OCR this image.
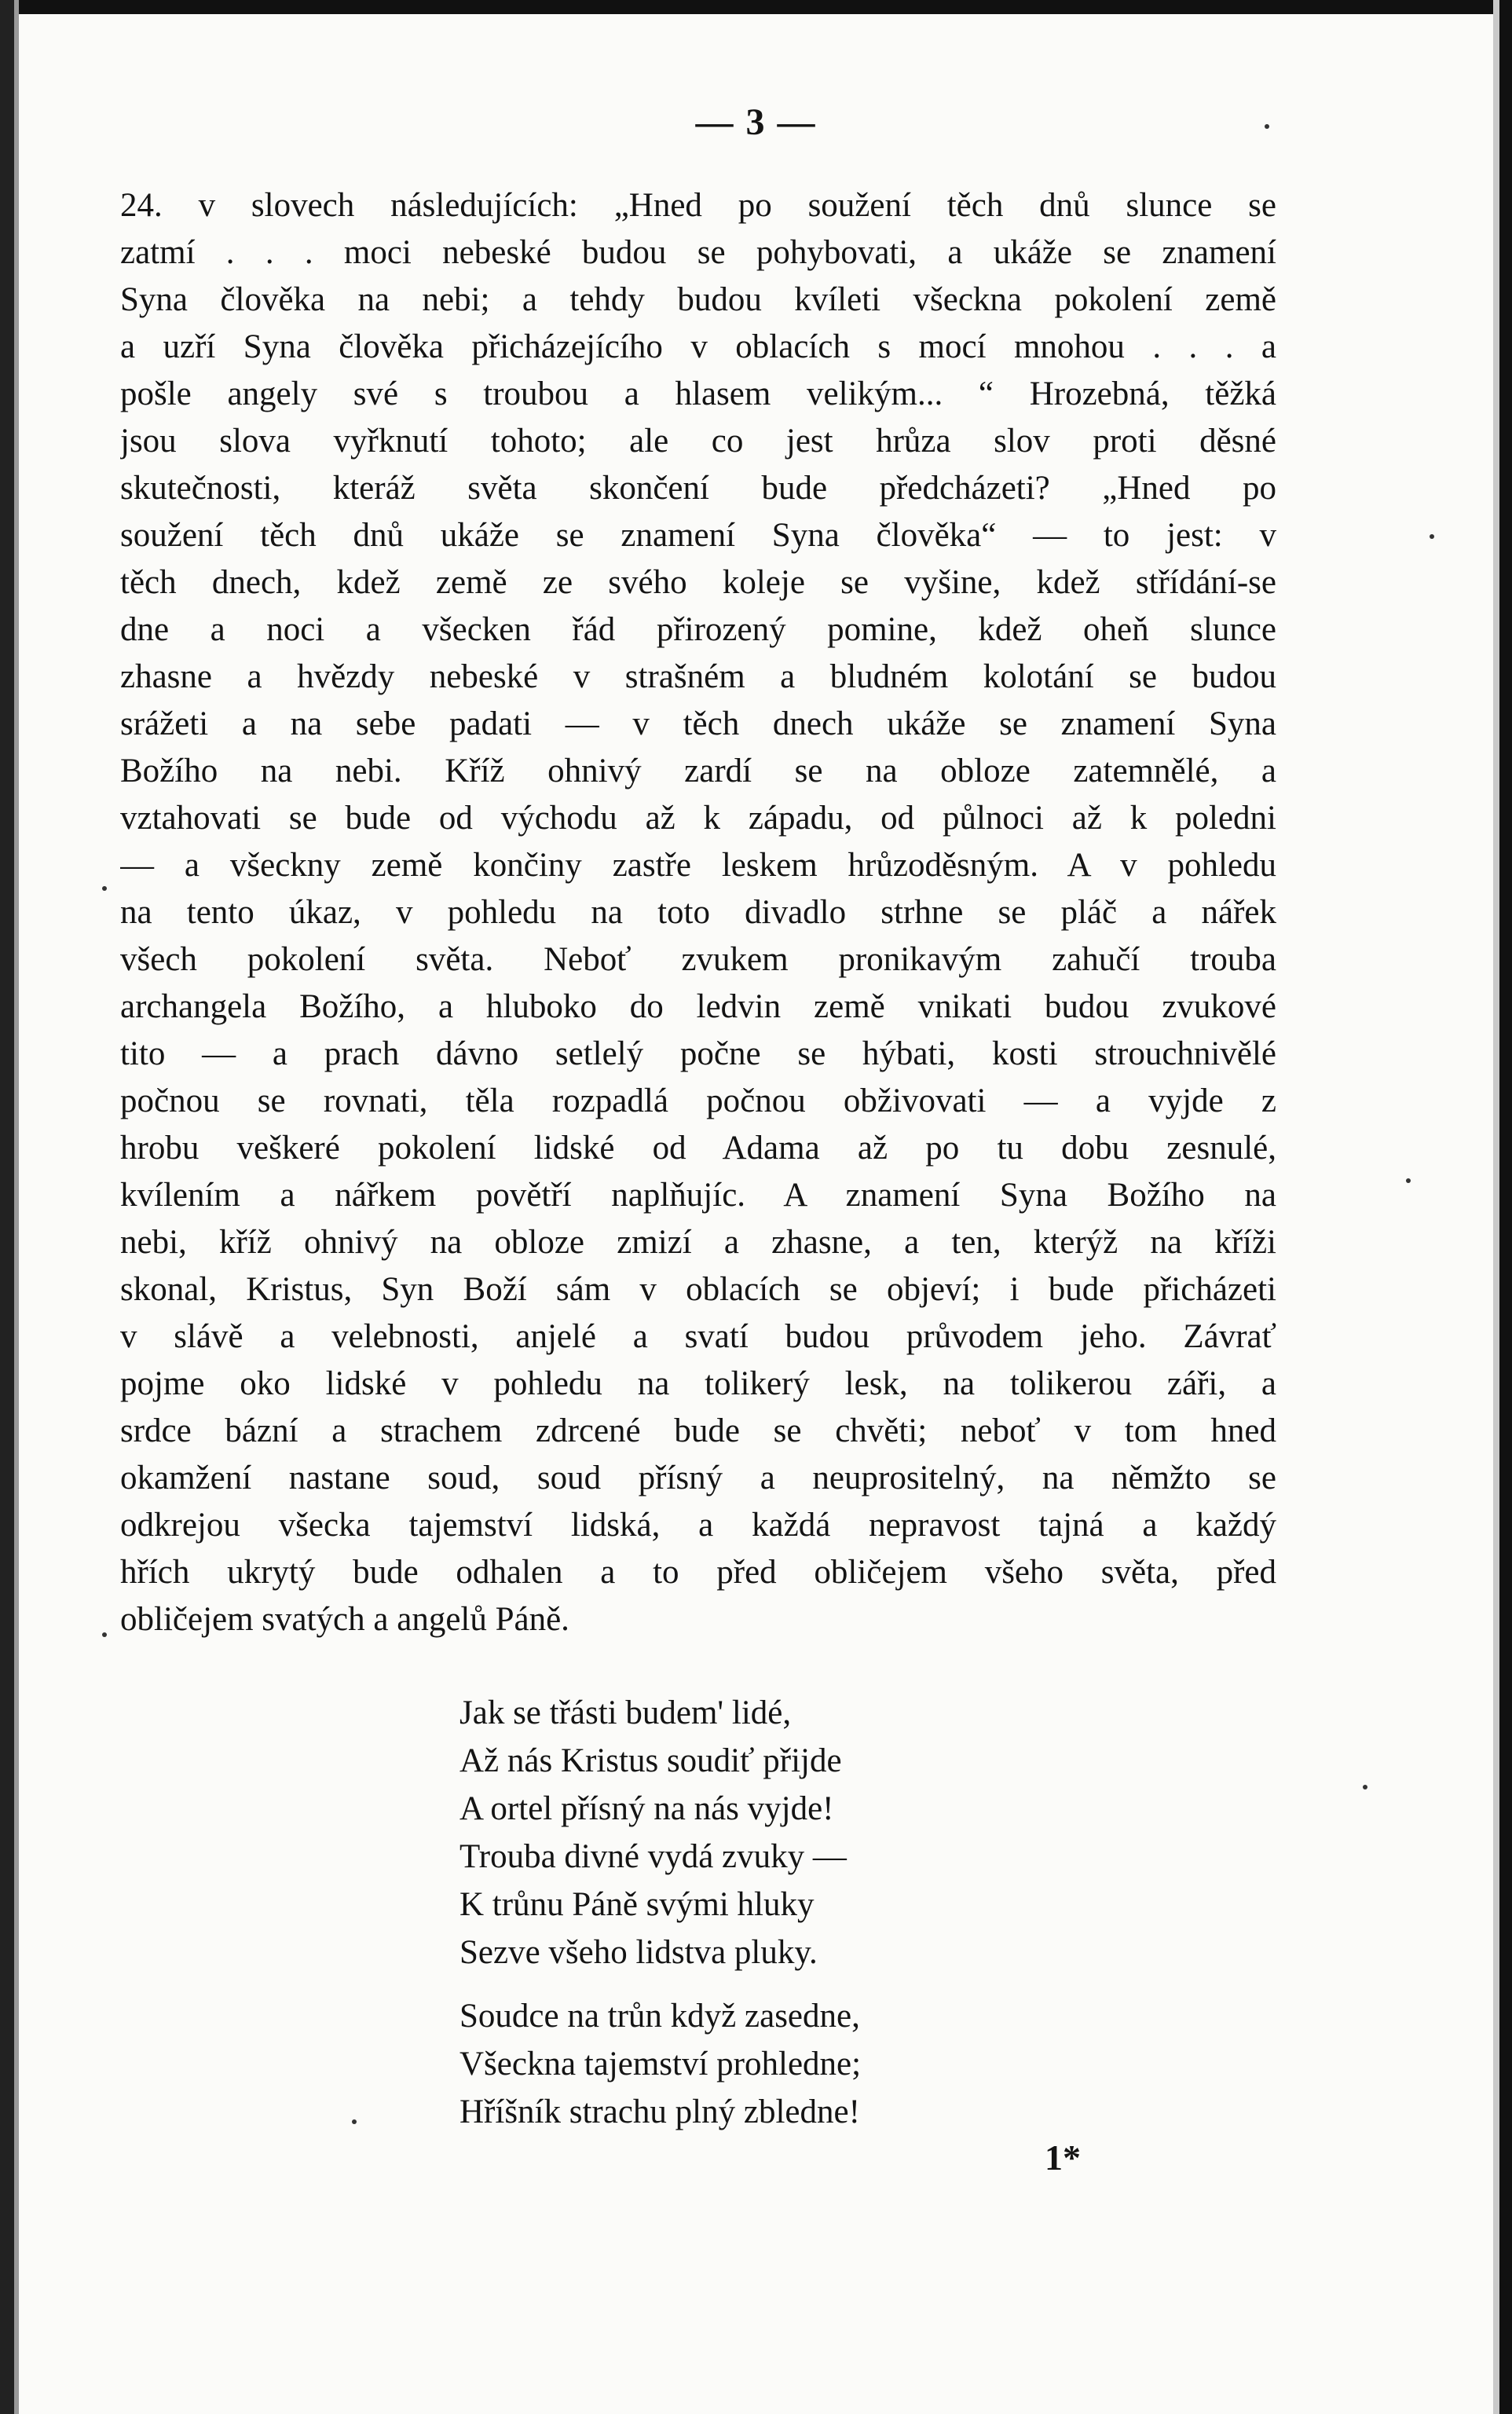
— 3 —
24. v slovech následujících: „Hned po soužení těch dnů slunce se
zatmí . . . moci nebeské budou se pohybovati, a ukáže se znamení
Syna člověka na nebi; a tehdy budou kvíleti všeckna pokolení země
a uzří Syna člověka přicházejícího v oblacích s mocí mnohou . . . a
pošle angely své s troubou a hlasem velikým... “ Hrozebná, těžká
jsou slova vyřknutí tohoto; ale co jest hrůza slov proti děsné
skutečnosti, kteráž světa skončení bude předcházeti? „Hned po
soužení těch dnů ukáže se znamení Syna člověka“ — to jest: v
těch dnech, kdež země ze svého koleje se vyšine, kdež střídání-se
dne a noci a všecken řád přirozený pomine, kdež oheň slunce
zhasne a hvězdy nebeské v strašném a bludném kolotání se budou
srážeti a na sebe padati — v těch dnech ukáže se znamení Syna
Božího na nebi. Kříž ohnivý zardí se na obloze zatemnělé, a
vztahovati se bude od východu až k západu, od půlnoci až k poledni
— a všeckny země končiny zastře leskem hrůzoděsným. A v pohledu
na tento úkaz, v pohledu na toto divadlo strhne se pláč a nářek
všech pokolení světa. Neboť zvukem pronikavým zahučí trouba
archangela Božího, a hluboko do ledvin země vnikati budou zvukové
tito — a prach dávno setlelý počne se hýbati, kosti strouchnivělé
počnou se rovnati, těla rozpadlá počnou obživovati — a vyjde z
hrobu veškeré pokolení lidské od Adama až po tu dobu zesnulé,
kvílením a nářkem povětří naplňujíc. A znamení Syna Božího na
nebi, kříž ohnivý na obloze zmizí a zhasne, a ten, kterýž na kříži
skonal, Kristus, Syn Boží sám v oblacích se objeví; i bude přicházeti
v slávě a velebnosti, anjelé a svatí budou průvodem jeho. Závrať
pojme oko lidské v pohledu na tolikerý lesk, na tolikerou záři, a
srdce bázní a strachem zdrcené bude se chvěti; neboť v tom hned
okamžení nastane soud, soud přísný a neuprositelný, na němžto se
odkrejou všecka tajemství lidská, a každá nepravost tajná a každý
hřích ukrytý bude odhalen a to před obličejem všeho světa, před
obličejem svatých a angelů Páně.
Jak se třásti budem' lidé,
Až nás Kristus soudiť přijde
A ortel přísný na nás vyjde!
Trouba divné vydá zvuky —
K trůnu Páně svými hluky
Sezve všeho lidstva pluky.
Soudce na trůn když zasedne,
Všeckna tajemství prohledne;
Hříšník strachu plný zbledne!
1*
